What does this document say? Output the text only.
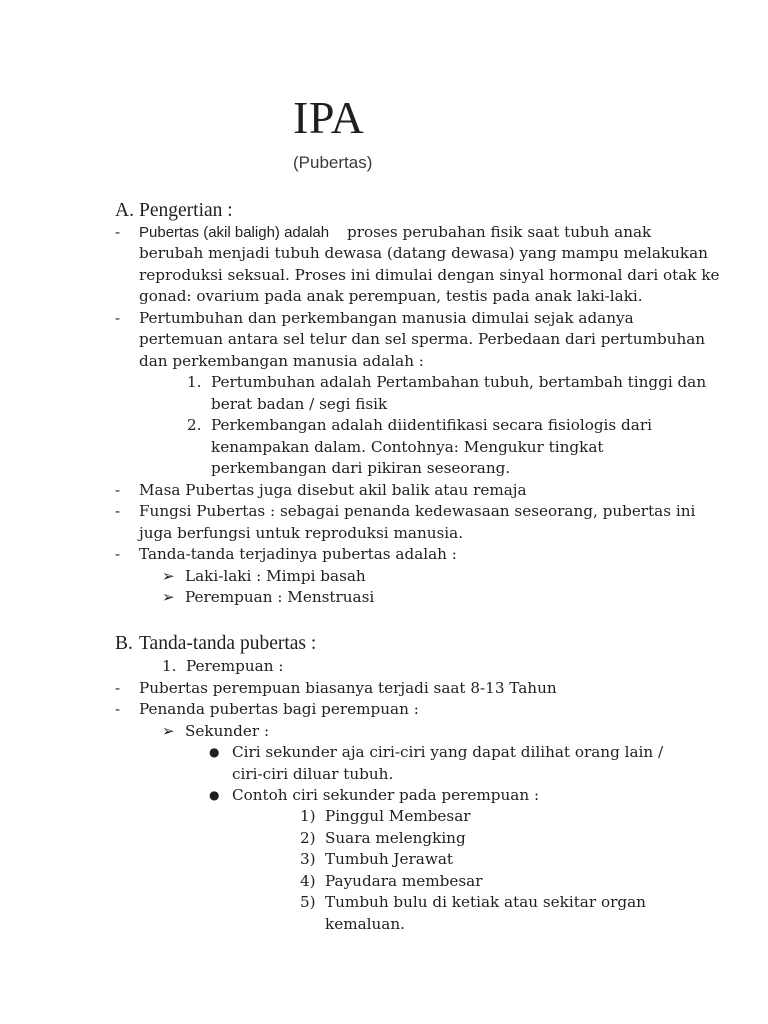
IPA
(Pubertas)
A. Pengertian :
- Pubertas (akil baligh) adalah proses perubahan fisik saat tubuh anak
berubah menjadi tubuh dewasa (datang dewasa) yang mampu melakukan
reproduksi seksual. Proses ini dimulai dengan sinyal hormonal dari otak ke
gonad: ovarium pada anak perempuan, testis pada anak laki-laki.
- Pertumbuhan dan perkembangan manusia dimulai sejak adanya
pertemuan antara sel telur dan sel sperma. Perbedaan dari pertumbuhan
dan perkembangan manusia adalah :
1. Pertumbuhan adalah Pertambahan tubuh, bertambah tinggi dan
berat badan / segi fisik
2. Perkembangan adalah diidentifikasi secara fisiologis dari
kenampakan dalam. Contohnya: Mengukur tingkat
perkembangan dari pikiran seseorang.
- Masa Pubertas juga disebut akil balik atau remaja
- Fungsi Pubertas : sebagai penanda kedewasaan seseorang, pubertas ini
juga berfungsi untuk reproduksi manusia.
- Tanda-tanda terjadinya pubertas adalah :
➢ Laki-laki : Mimpi basah
➢ Perempuan : Menstruasi
B. Tanda-tanda pubertas :
1. Perempuan :
- Pubertas perempuan biasanya terjadi saat 8-13 Tahun
- Penanda pubertas bagi perempuan :
➢ Sekunder :
● Ciri sekunder aja ciri-ciri yang dapat dilihat orang lain /
ciri-ciri diluar tubuh.
● Contoh ciri sekunder pada perempuan :
1) Pinggul Membesar
2) Suara melengking
3) Tumbuh Jerawat
4) Payudara membesar
5) Tumbuh bulu di ketiak atau sekitar organ
kemaluan.
